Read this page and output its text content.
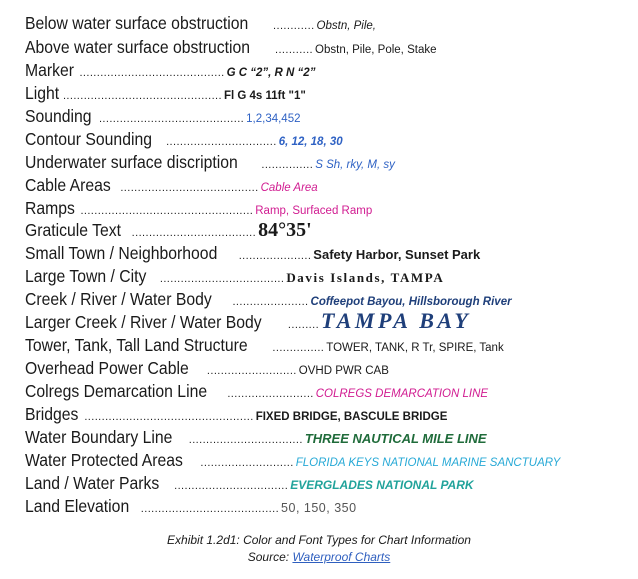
Below water surface obstruction ............ Obstn, Pile,
Above water surface obstruction ........... Obstn, Pile, Pole, Stake
Marker .......................................... G C “2”, R N “2”
Light .............................................. Fl G 4s 11ft "1"
Sounding .......................................... 1,2,34,452
Contour Sounding ................................ 6, 12, 18, 30
Underwater surface discription ............... S Sh, rky, M, sy
Cable Areas ........................................ Cable Area
Ramps .................................................. Ramp, Surfaced Ramp
Graticule Text .................................... 84°35'
Small Town / Neighborhood ..................... Safety Harbor, Sunset Park
Large Town / City .................................... Davis Islands, TAMPA
Creek / River / Water Body ...................... Coffeepot Bayou, Hillsborough River
Larger Creek / River / Water Body ......... TAMPA BAY
Tower, Tank, Tall Land Structure ............... TOWER, TANK, R Tr, SPIRE, Tank
Overhead Power Cable .......................... OVHD PWR CAB
Colregs Demarcation Line ......................... COLREGS DEMARCATION LINE
Bridges ................................................. FIXED BRIDGE, BASCULE BRIDGE
Water Boundary Line ................................. THREE NAUTICAL MILE LINE
Water Protected Areas ........................... FLORIDA KEYS NATIONAL MARINE SANCTUARY
Land / Water Parks ................................. EVERGLADES NATIONAL PARK
Land Elevation ........................................ 50, 150, 350
Exhibit 1.2d1: Color and Font Types for Chart Information
Source: Waterproof Charts
